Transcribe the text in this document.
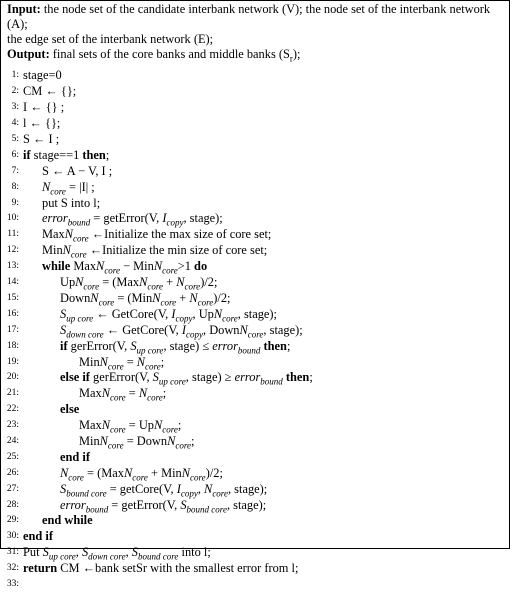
Input: the node set of the candidate interbank network (V); the node set of the interbank network (A);
the edge set of the interbank network (E);
Output: final sets of the core banks and middle banks $(S_r)$;
1: stage=0
2: CM ← {};
3: I ← {} ;
4: l ← {};
5: S ← I ;
6: if stage==1 then;
7: S ← A − V, I ;
8: $N_{core} = |I|$ ;
9: put S into l;
10: error$_{bound}$ = getError(V, $I_{copy}$, stage);
11: MaxN$_{core}$ ←Initialize the max size of core set;
12: MinN$_{core}$ ←Initialize the min size of core set;
13: while MaxN$_{core}$ − MinN$_{core}$>1 do
14:	UpN$_{core}$ = (MaxN$_{core}$ + $N_{core})/2$;
15:	DownN$_{core}$ = (MinN$_{core}$ + $N_{core})/2$;
16:	$S_{up core}$ ← GetCore(V, $I_{copy}$, UpN$_{core}$, stage);
17:	$S_{down core}$ ← GetCore(V, $I_{copy}$, DownN$_{core}$, stage);
18:	if gerError(V, $S_{up core}$, stage) ≤ error$_{bound}$ then;
19:	MinN$_{core}$ = $N_{core}$;
20:	else if gerError(V, $S_{up core}$, stage) ≥ error$_{bound}$ then;
21:	MaxN$_{core}$ = $N_{core}$;
22:	else
23:	MaxN$_{core}$ = UpN$_{core}$;
24:	MinN$_{core}$ = DownN$_{core}$;
25:	end if
26:	$N_{core}$ = (MaxN$_{core}$ + MinN$_{core}$)/2;
27:	$S_{bound core}$ = getCore(V, $I_{copy}$, $N_{core}$, stage);
28:	error$_{bound}$ = getError(V, $S_{bound core}$, stage);
29: end while
30: end if
31: Put $S_{up core}$, $S_{down core}$, $S_{bound core}$ into l;
32: return CM ←bank setSr with the smallest error from l;
33:
